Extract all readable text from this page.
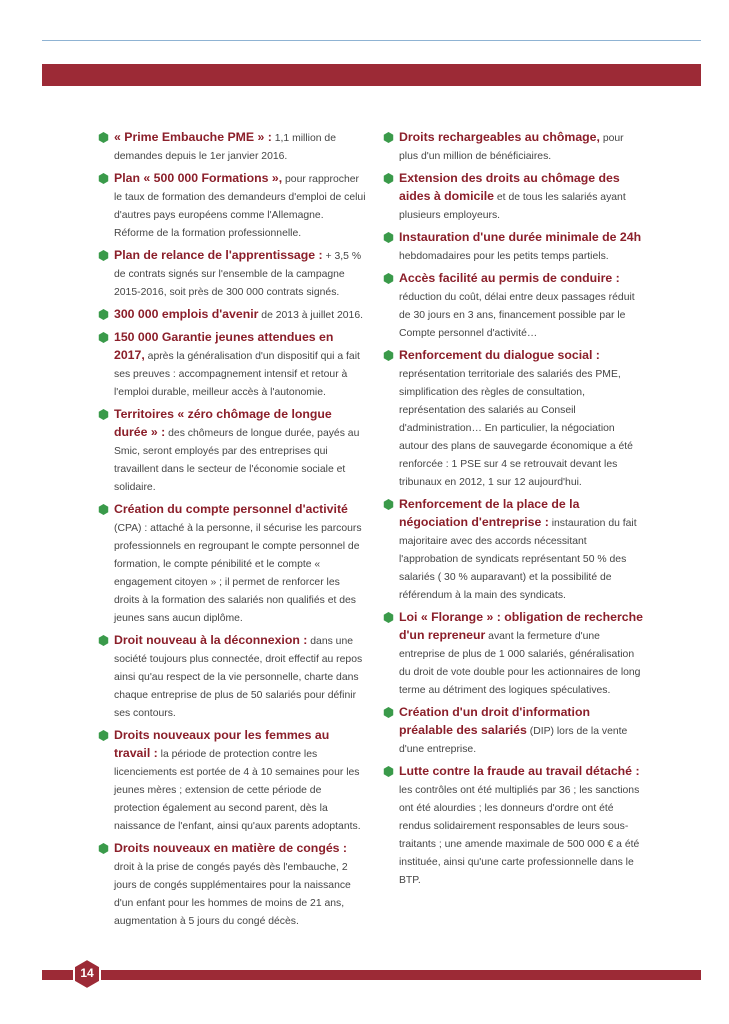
« Prime Embauche PME » : 1,1 million de demandes depuis le 1er janvier 2016.
Plan « 500 000 Formations », pour rapprocher le taux de formation des demandeurs d'emploi de celui d'autres pays européens comme l'Allemagne. Réforme de la formation professionnelle.
Plan de relance de l'apprentissage : + 3,5 % de contrats signés sur l'ensemble de la campagne 2015-2016, soit près de 300 000 contrats signés.
300 000 emplois d'avenir de 2013 à juillet 2016.
150 000 Garantie jeunes attendues en 2017, après la généralisation d'un dispositif qui a fait ses preuves : accompagnement intensif et retour à l'emploi durable, meilleur accès à l'autonomie.
Territoires « zéro chômage de longue durée » : des chômeurs de longue durée, payés au Smic, seront employés par des entreprises qui travaillent dans le secteur de l'économie sociale et solidaire.
Création du compte personnel d'activité (CPA) : attaché à la personne, il sécurise les parcours professionnels en regroupant le compte personnel de formation, le compte pénibilité et le compte « engagement citoyen » ; il permet de renforcer les droits à la formation des salariés non qualifiés et des jeunes sans aucun diplôme.
Droit nouveau à la déconnexion : dans une société toujours plus connectée, droit effectif au repos ainsi qu'au respect de la vie personnelle, charte dans chaque entreprise de plus de 50 salariés pour définir ses contours.
Droits nouveaux pour les femmes au travail : la période de protection contre les licenciements est portée de 4 à 10 semaines pour les jeunes mères ; extension de cette période de protection également au second parent, dès la naissance de l'enfant, ainsi qu'aux parents adoptants.
Droits nouveaux en matière de congés : droit à la prise de congés payés dès l'embauche, 2 jours de congés supplémentaires pour la naissance d'un enfant pour les hommes de moins de 21 ans, augmentation à 5 jours du congé décès.
Droits rechargeables au chômage, pour plus d'un million de bénéficiaires.
Extension des droits au chômage des aides à domicile et de tous les salariés ayant plusieurs employeurs.
Instauration d'une durée minimale de 24h hebdomadaires pour les petits temps partiels.
Accès facilité au permis de conduire : réduction du coût, délai entre deux passages réduit de 30 jours en 3 ans, financement possible par le Compte personnel d'activité…
Renforcement du dialogue social : représentation territoriale des salariés des PME, simplification des règles de consultation, représentation des salariés au Conseil d'administration… En particulier, la négociation autour des plans de sauvegarde économique a été renforcée : 1 PSE sur 4 se retrouvait devant les tribunaux en 2012, 1 sur 12 aujourd'hui.
Renforcement de la place de la négociation d'entreprise : instauration du fait majoritaire avec des accords nécessitant l'approbation de syndicats représentant 50 % des salariés ( 30 % auparavant) et la possibilité de référendum à la main des syndicats.
Loi « Florange » : obligation de recherche d'un repreneur avant la fermeture d'une entreprise de plus de 1 000 salariés, généralisation du droit de vote double pour les actionnaires de long terme au détriment des logiques spéculatives.
Création d'un droit d'information préalable des salariés (DIP) lors de la vente d'une entreprise.
Lutte contre la fraude au travail détaché : les contrôles ont été multipliés par 36 ; les sanctions ont été alourdies ; les donneurs d'ordre ont été rendus solidairement responsables de leurs sous-traitants ; une amende maximale de 500 000 € a été instituée, ainsi qu'une carte professionnelle dans le BTP.
14
